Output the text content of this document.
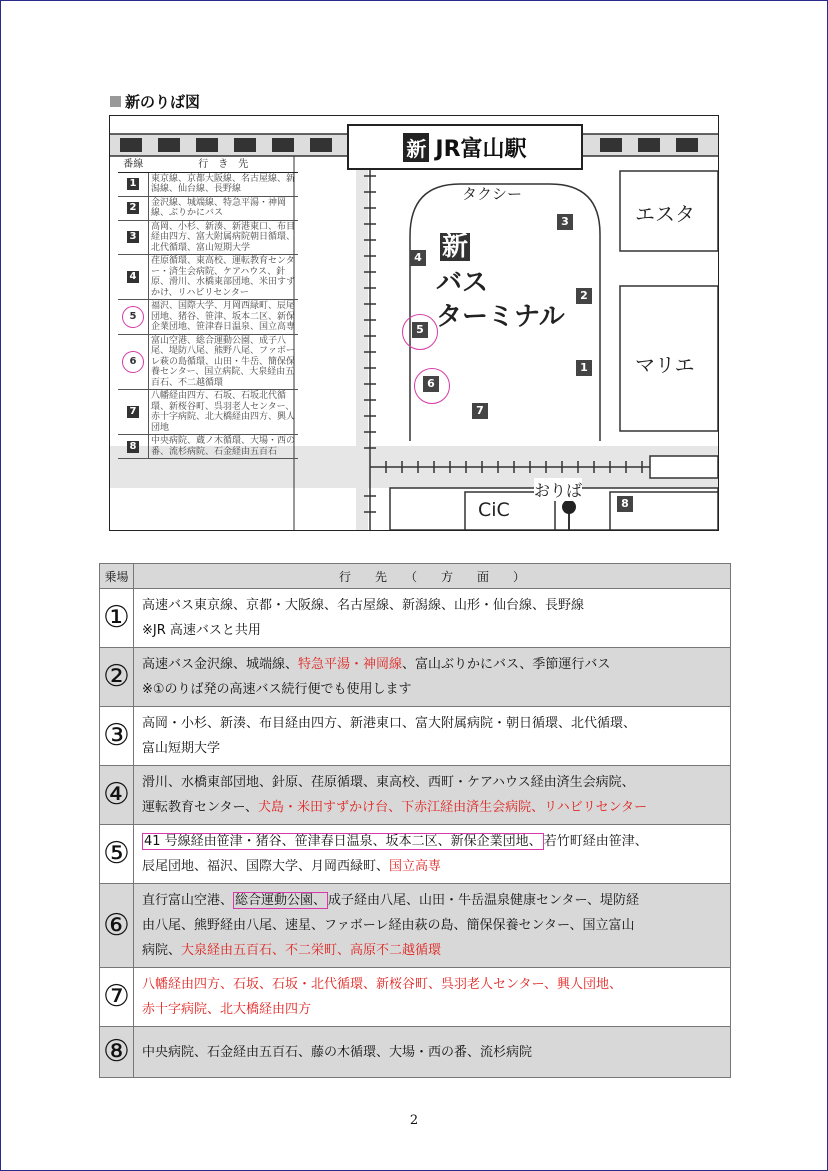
新のりば図
新 JR富山駅
番線	行　き　先
1	東京線、京都大阪線、名古屋線、新潟線、仙台線、長野線
2	金沢線、城端線、特急平湯・神岡線、ぶりかにバス
3	高岡、小杉、新湊、新港東口、布目経由四方、富大附属病院朝日循環、北代循環、富山短期大学
4	荏原循環、東高校、運転教育センター・済生会病院、ケアハウス、針原、滑川、水橋東部団地、米田すずかけ、リハビリセンター
5	福沢、国際大学、月岡西緑町、辰尾団地、猪谷、笹津、坂本二区、新保企業団地、笹津春日温泉、国立高専
6	富山空港、総合運動公園、成子八尾、堤防八尾、熊野八尾、ファボーレ萩の島循環、山田・牛岳、簡保保養センター、国立病院、大泉経由五百石、不二越循環
7	八幡経由四方、石坂、石坂北代循環、新桜谷町、呉羽老人センター、赤十字病院、北大橋経由四方、興人団地
8	中央病院、蔵ノ木循環、大場・西の番、流杉病院、石金経由五百石
タクシー
新
バス
ターミナル
エスタ
マリエ
おりば
CiC
3
4
2
5
1
6
7
8
乗場	行　　先　　（　　方　　面　　）
①	高速バス東京線、京都・大阪線、名古屋線、新潟線、山形・仙台線、長野線
※JR 高速バスと共用

②	高速バス金沢線、城端線、特急平湯・神岡線、富山ぶりかにバス、季節運行バス
※①のりば発の高速バス続行便でも使用します

③	高岡・小杉、新湊、布目経由四方、新港東口、富大附属病院・朝日循環、北代循環、
富山短期大学

④	滑川、水橋東部団地、針原、荏原循環、東高校、西町・ケアハウス経由済生会病院、
運転教育センター、犬島・米田すずかけ台、下赤江経由済生会病院、リハビリセンター

⑤	41 号線経由笹津・猪谷、笹津春日温泉、坂本二区、新保企業団地、 若竹町経由笹津、
辰尾団地、福沢、国際大学、月岡西緑町、国立高専

⑥	直行富山空港、 総合運動公園、 成子経由八尾、山田・牛岳温泉健康センター、堤防経
由八尾、熊野経由八尾、速星、ファボーレ経由萩の島、簡保保養センター、国立富山
病院、大泉経由五百石、不二栄町、高原不二越循環

⑦	八幡経由四方、石坂、石坂・北代循環、新桜谷町、呉羽老人センター、興人団地、
赤十字病院、北大橋経由四方

⑧	中央病院、石金経由五百石、藤の木循環、大場・西の番、流杉病院
2
